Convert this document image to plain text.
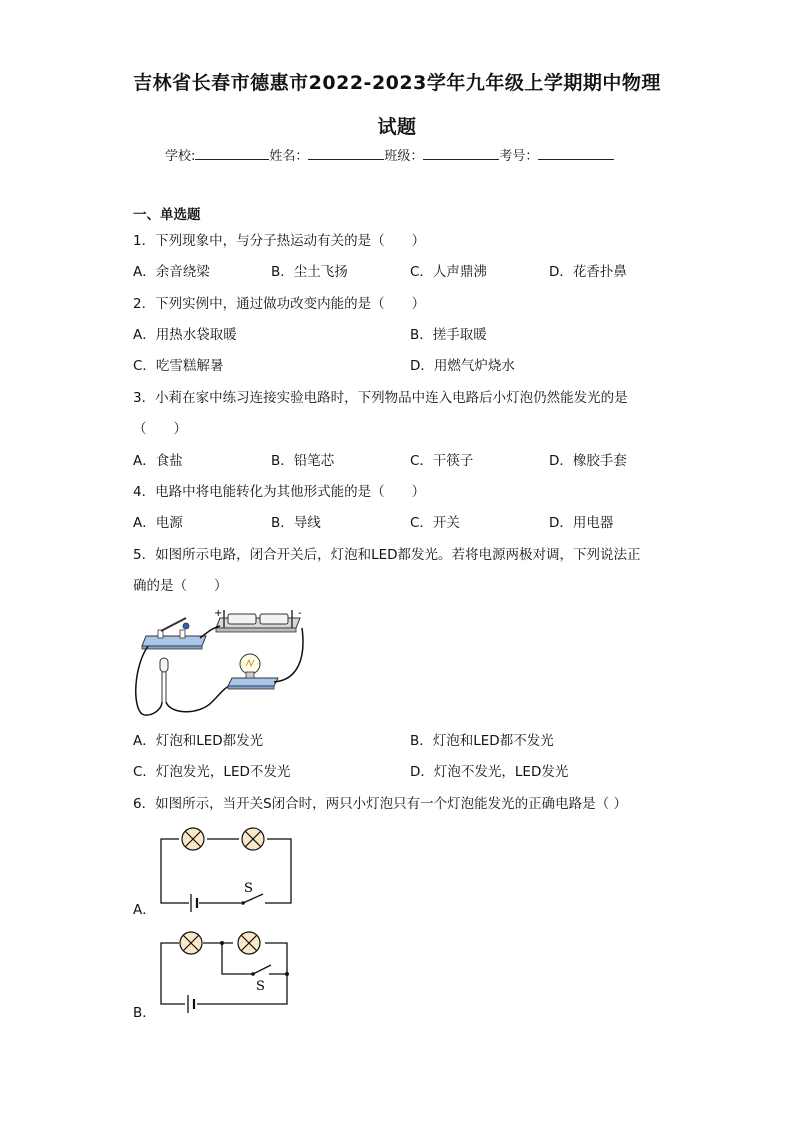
吉林省长春市德惠市2022-2023学年九年级上学期期中物理
试题
学校:	姓名：	班级：	考号：
一、单选题
1．下列现象中，与分子热运动有关的是（　　）
A．余音绕梁	B．尘土飞扬	C．人声鼎沸	D．花香扑鼻
2．下列实例中，通过做功改变内能的是（　　）
A．用热水袋取暖	B．搓手取暖
C．吃雪糕解暑	D．用燃气炉烧水
3．小莉在家中练习连接实验电路时，下列物品中连入电路后小灯泡仍然能发光的是
（　　）
A．食盐	B．铅笔芯	C．干筷子	D．橡胶手套
4．电路中将电能转化为其他形式能的是（　　）
A．电源	B．导线	C．开关	D．用电器
5．如图所示电路，闭合开关后，灯泡和LED都发光。若将电源两极对调，下列说法正
确的是（　　）
+	-
A．灯泡和LED都发光	B．灯泡和LED都不发光
C．灯泡发光，LED不发光	D．灯泡不发光，LED发光
6．如图所示，当开关S闭合时，两只小灯泡只有一个灯泡能发光的正确电路是（ ）
S
A．
S
B．
